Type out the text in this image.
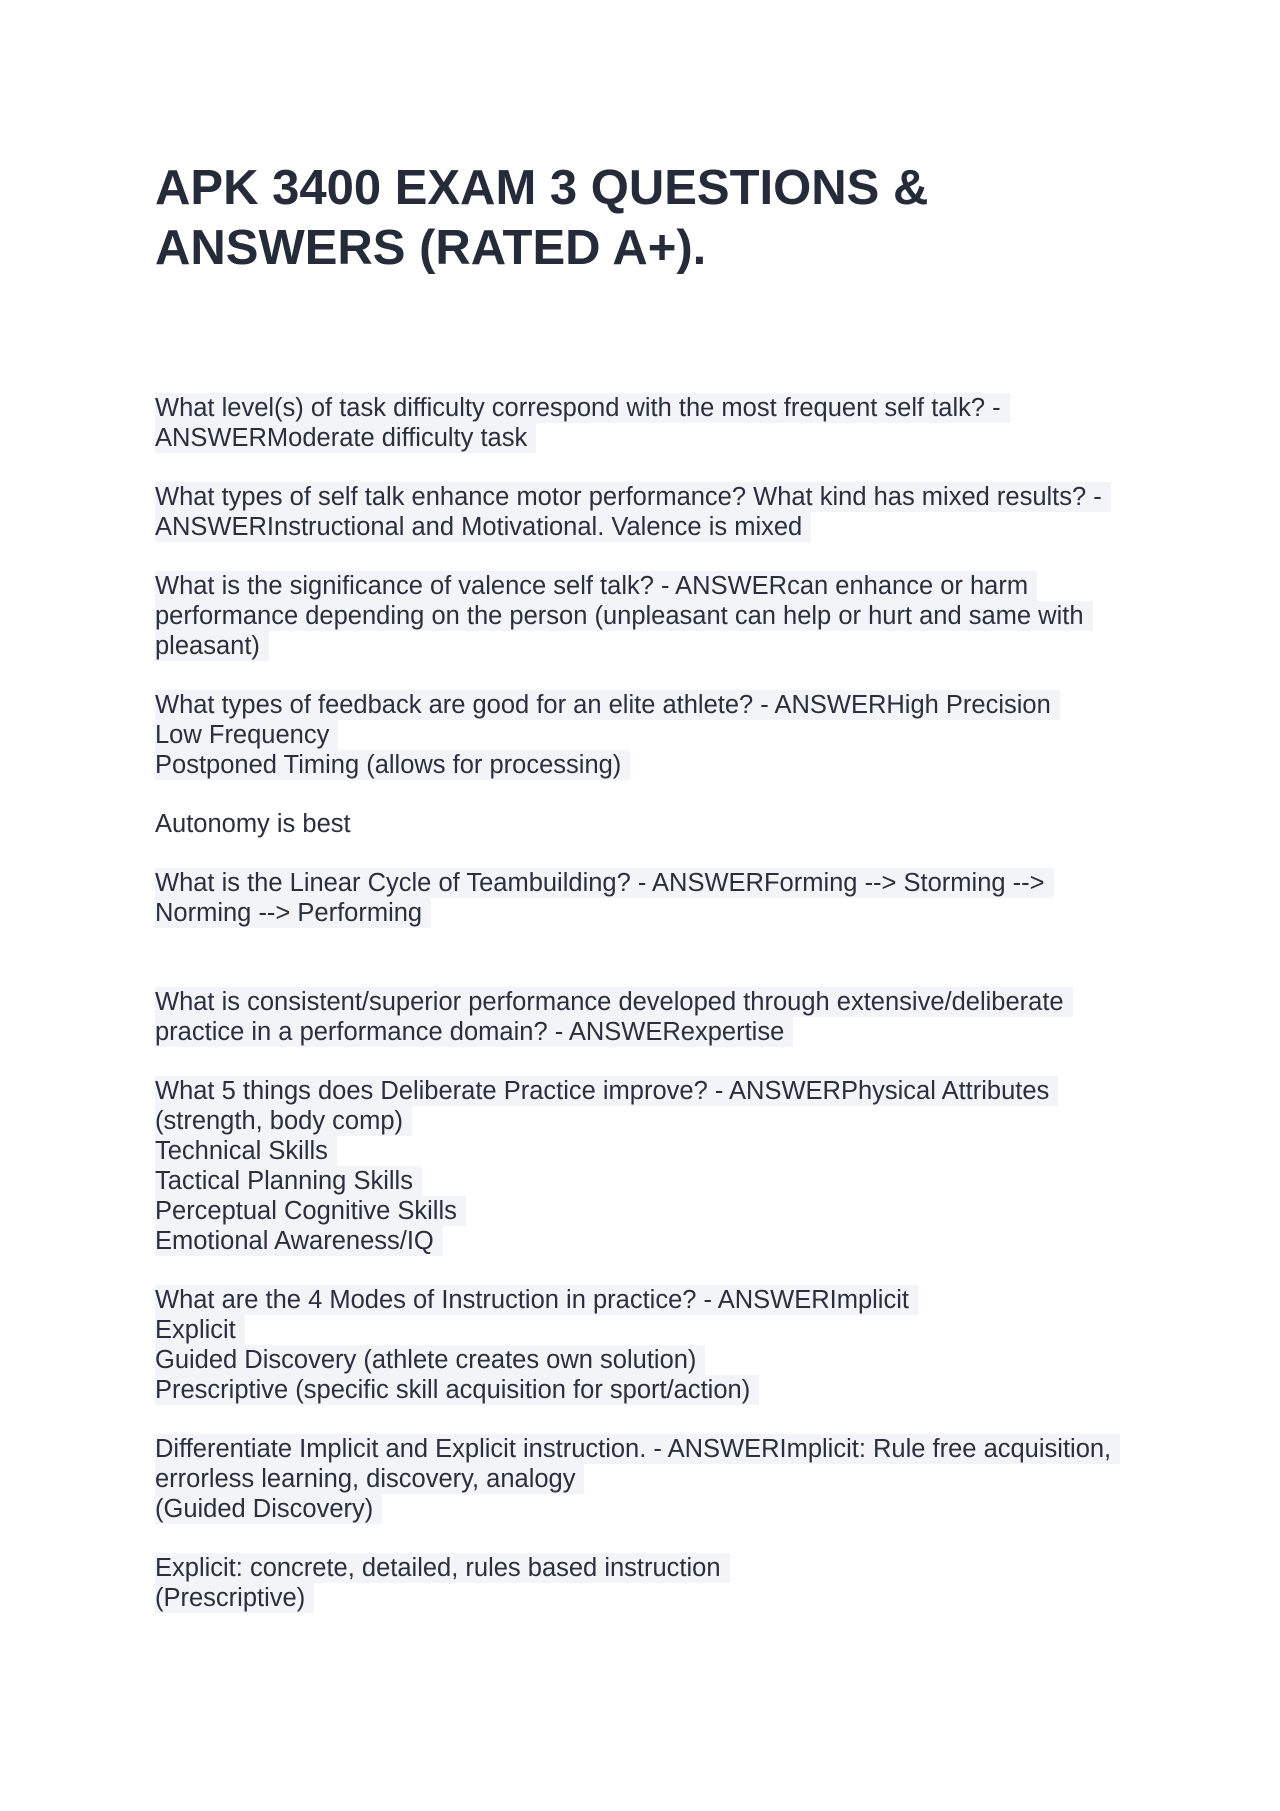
APK 3400 EXAM 3 QUESTIONS &
ANSWERS (RATED A+).
What level(s) of task difficulty correspond with the most frequent self talk? -
ANSWERModerate difficulty task
What types of self talk enhance motor performance? What kind has mixed results? -
ANSWERInstructional and Motivational. Valence is mixed
What is the significance of valence self talk? - ANSWERcan enhance or harm
performance depending on the person (unpleasant can help or hurt and same with
pleasant)
What types of feedback are good for an elite athlete? - ANSWERHigh Precision
Low Frequency
Postponed Timing (allows for processing)
Autonomy is best
What is the Linear Cycle of Teambuilding? - ANSWERForming --> Storming -->
Norming --> Performing
What is consistent/superior performance developed through extensive/deliberate
practice in a performance domain? - ANSWERexpertise
What 5 things does Deliberate Practice improve? - ANSWERPhysical Attributes
(strength, body comp)
Technical Skills
Tactical Planning Skills
Perceptual Cognitive Skills
Emotional Awareness/IQ
What are the 4 Modes of Instruction in practice? - ANSWERImplicit
Explicit
Guided Discovery (athlete creates own solution)
Prescriptive (specific skill acquisition for sport/action)
Differentiate Implicit and Explicit instruction. - ANSWERImplicit: Rule free acquisition,
errorless learning, discovery, analogy
(Guided Discovery)
Explicit: concrete, detailed, rules based instruction
(Prescriptive)
